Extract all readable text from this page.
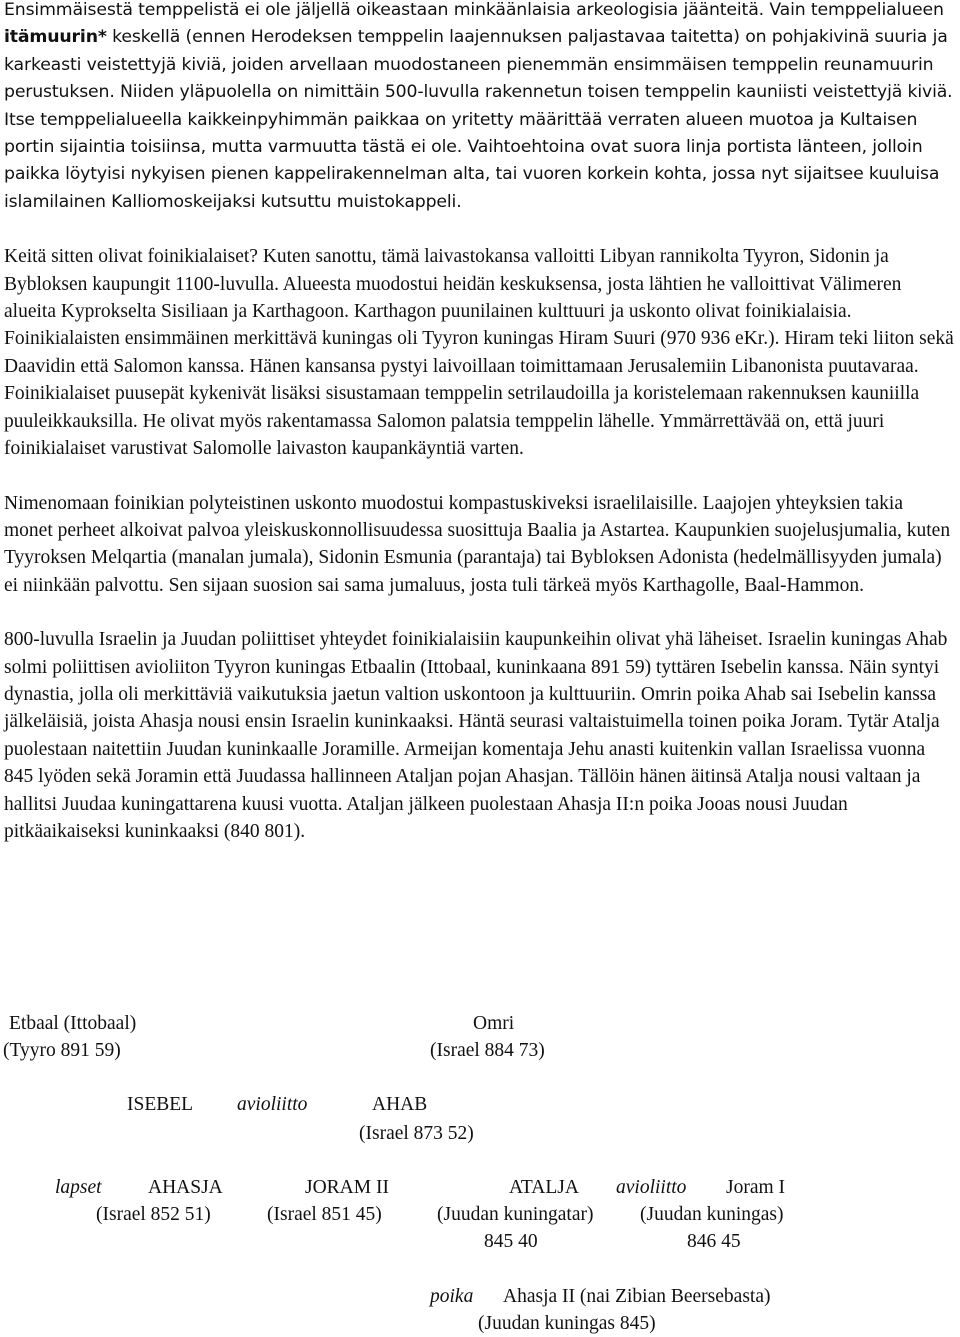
Ensimmäisestä temppelistä ei ole jäljellä oikeastaan minkäänlaisia arkeologisia jäänteitä. Vain temppelialueen itämuurin* keskellä (ennen Herodeksen temppelin laajennuksen paljastavaa taitetta) on pohjakivinä suuria ja karkeasti veistettyjä kiviä, joiden arvellaan muodostaneen pienemmän ensimmäisen temppelin reunamuurin perustuksen. Niiden yläpuolella on nimittäin 500-luvulla rakennetun toisen temppelin kauniisti veistettyjä kiviä. Itse temppelialueella kaikkeinpyhimmän paikkaa on yritetty määrittää verraten alueen muotoa ja Kultaisen portin sijaintia toisiinsa, mutta varmuutta tästä ei ole. Vaihtoehtoina ovat suora linja portista länteen, jolloin paikka löytyisi nykyisen pienen kappelirakennelman alta, tai vuoren korkein kohta, jossa nyt sijaitsee kuuluisa islamilainen Kalliomoskeijaksi kutsuttu muistokappeli.

Keitä sitten olivat foinikialaiset? Kuten sanottu, tämä laivastokansa valloitti Libyan rannikolta Tyyron, Sidonin ja Bybloksen kaupungit 1100-luvulla. Alueesta muodostui heidän keskuksensa, josta lähtien he valloittivat Välimeren alueita Kyprokselta Sisiliaan ja Karthagoon. Karthagon puunilainen kulttuuri ja uskonto olivat foinikialaisia. Foinikialaisten ensimmäinen merkittävä kuningas oli Tyyron kuningas Hiram Suuri (970 936 eKr.). Hiram teki liiton sekä Daavidin että Salomon kanssa. Hänen kansansa pystyi laivoillaan toimittamaan Jerusalemiin Libanonista puutavaraa. Foinikialaiset puusepät kykenivät lisäksi sisustamaan temppelin setrilaudoilla ja koristelemaan rakennuksen kauniilla puuleikkauksilla. He olivat myös rakentamassa Salomon palatsia temppelin lähelle. Ymmärrettävää on, että juuri foinikialaiset varustivat Salomolle laivaston kaupankäyntiä varten.

Nimenomaan foinikian polyteistinen uskonto muodostui kompastuskiveksi israelilaisille. Laajojen yhteyksien takia monet perheet alkoivat palvoa yleiskuskonnollisuudessa suosittuja Baalia ja Astartea. Kaupunkien suojelusjumalia, kuten Tyyroksen Melqartia (manalan jumala), Sidonin Esmunia (parantaja) tai Bybloksen Adonista (hedelmällisyyden jumala) ei niinkään palvottu. Sen sijaan suosion sai sama jumaluus, josta tuli tärkeä myös Karthagolle, Baal-Hammon.

800-luvulla Israelin ja Juudan poliittiset yhteydet foinikialaisiin kaupunkeihin olivat yhä läheiset. Israelin kuningas Ahab solmi poliittisen avioliiton Tyyron kuningas Etbaalin (Ittobaal, kuninkaana 891 59) tyttären Isebelin kanssa. Näin syntyi dynastia, jolla oli merkittäviä vaikutuksia jaetun valtion uskontoon ja kulttuuriin. Omrin poika Ahab sai Isebelin kanssa jälkeläisiä, joista Ahasja nousi ensin Israelin kuninkaaksi. Häntä seurasi valtaistuimella toinen poika Joram. Tytär Atalja puolestaan naitettiin Juudan kuninkaalle Joramille. Armeijan komentaja Jehu anasti kuitenkin vallan Israelissa vuonna 845 lyöden sekä Joramin että Juudassa hallinneen Ataljan pojan Ahasjan. Tällöin hänen äitinsä Atalja nousi valtaan ja hallitsi Juudaa kuningattarena kuusi vuotta. Ataljan jälkeen puolestaan Ahasja II:n poika Jooas nousi Juudan pitkäaikaiseksi kuninkaaksi (840 801).

Etbaal (Ittobaal)
(Tyyro 891 59)
Omri
(Israel 884 73)
ISEBEL avioliitto	AHAB
(Israel 873 52)
lapset AHASJA
(Israel 852 51)
JORAM II
(Israel 851 45)
ATALJA avioliitto Joram I
(Juudan kuningatar) (Juudan kuningas)
845 40	846 45
poika Ahasja II (nai Zibian Beersebasta)
(Juudan kuningas 845)
